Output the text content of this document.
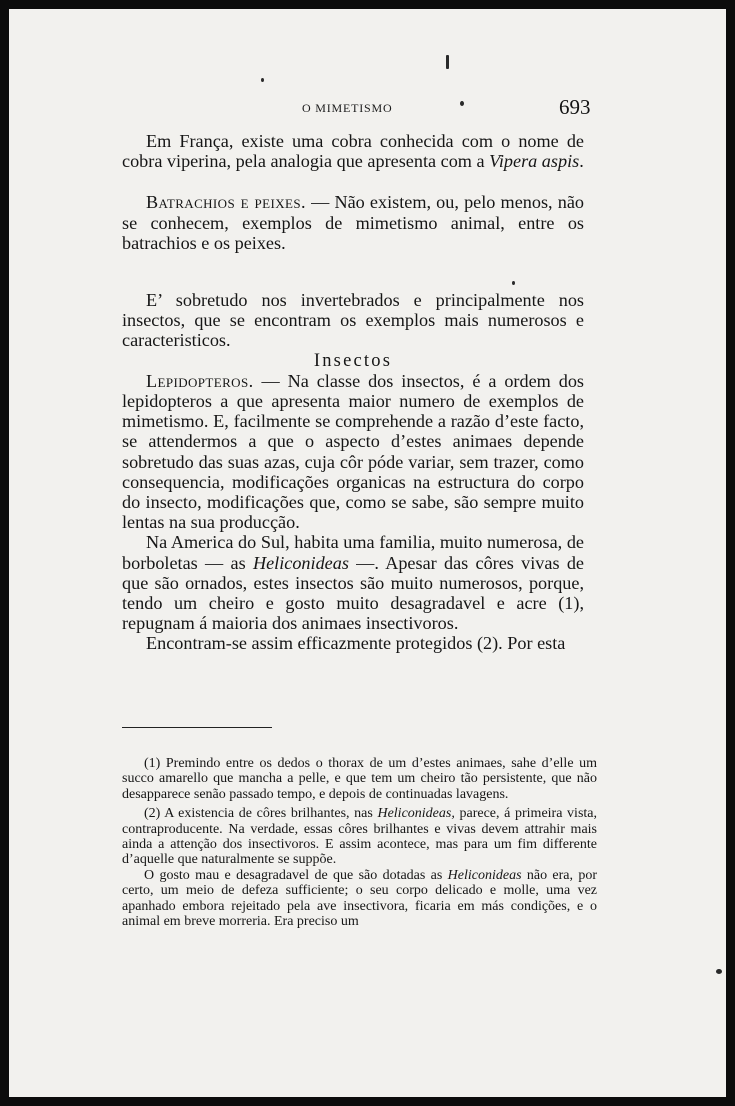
O MIMETISMO	693

Em França, existe uma cobra conhecida com o nome de cobra viperina, pela analogia que apresenta com a Vipera aspis.

Batrachios e peixes. — Não existem, ou, pelo menos, não se conhecem, exemplos de mimetismo animal, entre os batrachios e os peixes.

E’ sobretudo nos invertebrados e principalmente nos insectos, que se encontram os exemplos mais numerosos e caracteristicos.

Insectos

Lepidopteros. — Na classe dos insectos, é a ordem dos lepidopteros a que apresenta maior numero de exemplos de mimetismo. E, facilmente se comprehende a razão d’este facto, se attendermos a que o aspecto d’estes animaes depende sobretudo das suas azas, cuja côr póde variar, sem trazer, como consequencia, modificações organicas na estructura do corpo do insecto, modificações que, como se sabe, são sempre muito lentas na sua producção.

Na America do Sul, habita uma familia, muito numerosa, de borboletas — as Heliconideas —. Apesar das côres vivas de que são ornados, estes insectos são muito numerosos, porque, tendo um cheiro e gosto muito desagradavel e acre (1), repugnam á maioria dos animaes insectivoros.

Encontram-se assim efficazmente protegidos (2). Por esta

(1) Premindo entre os dedos o thorax de um d’estes animaes, sahe d’elle um succo amarello que mancha a pelle, e que tem um cheiro tão persistente, que não desapparece senão passado tempo, e depois de continuadas lavagens.

(2) A existencia de côres brilhantes, nas Heliconideas, parece, á primeira vista, contraproducente. Na verdade, essas côres brilhantes e vivas devem attrahir mais ainda a attenção dos insectivoros. E assim acontece, mas para um fim differente d’aquelle que naturalmente se suppõe.

O gosto mau e desagradavel de que são dotadas as Heliconideas não era, por certo, um meio de defeza sufficiente; o seu corpo delicado e molle, uma vez apanhado embora rejeitado pela ave insectivora, ficaria em más condições, e o animal em breve morreria. Era preciso um
